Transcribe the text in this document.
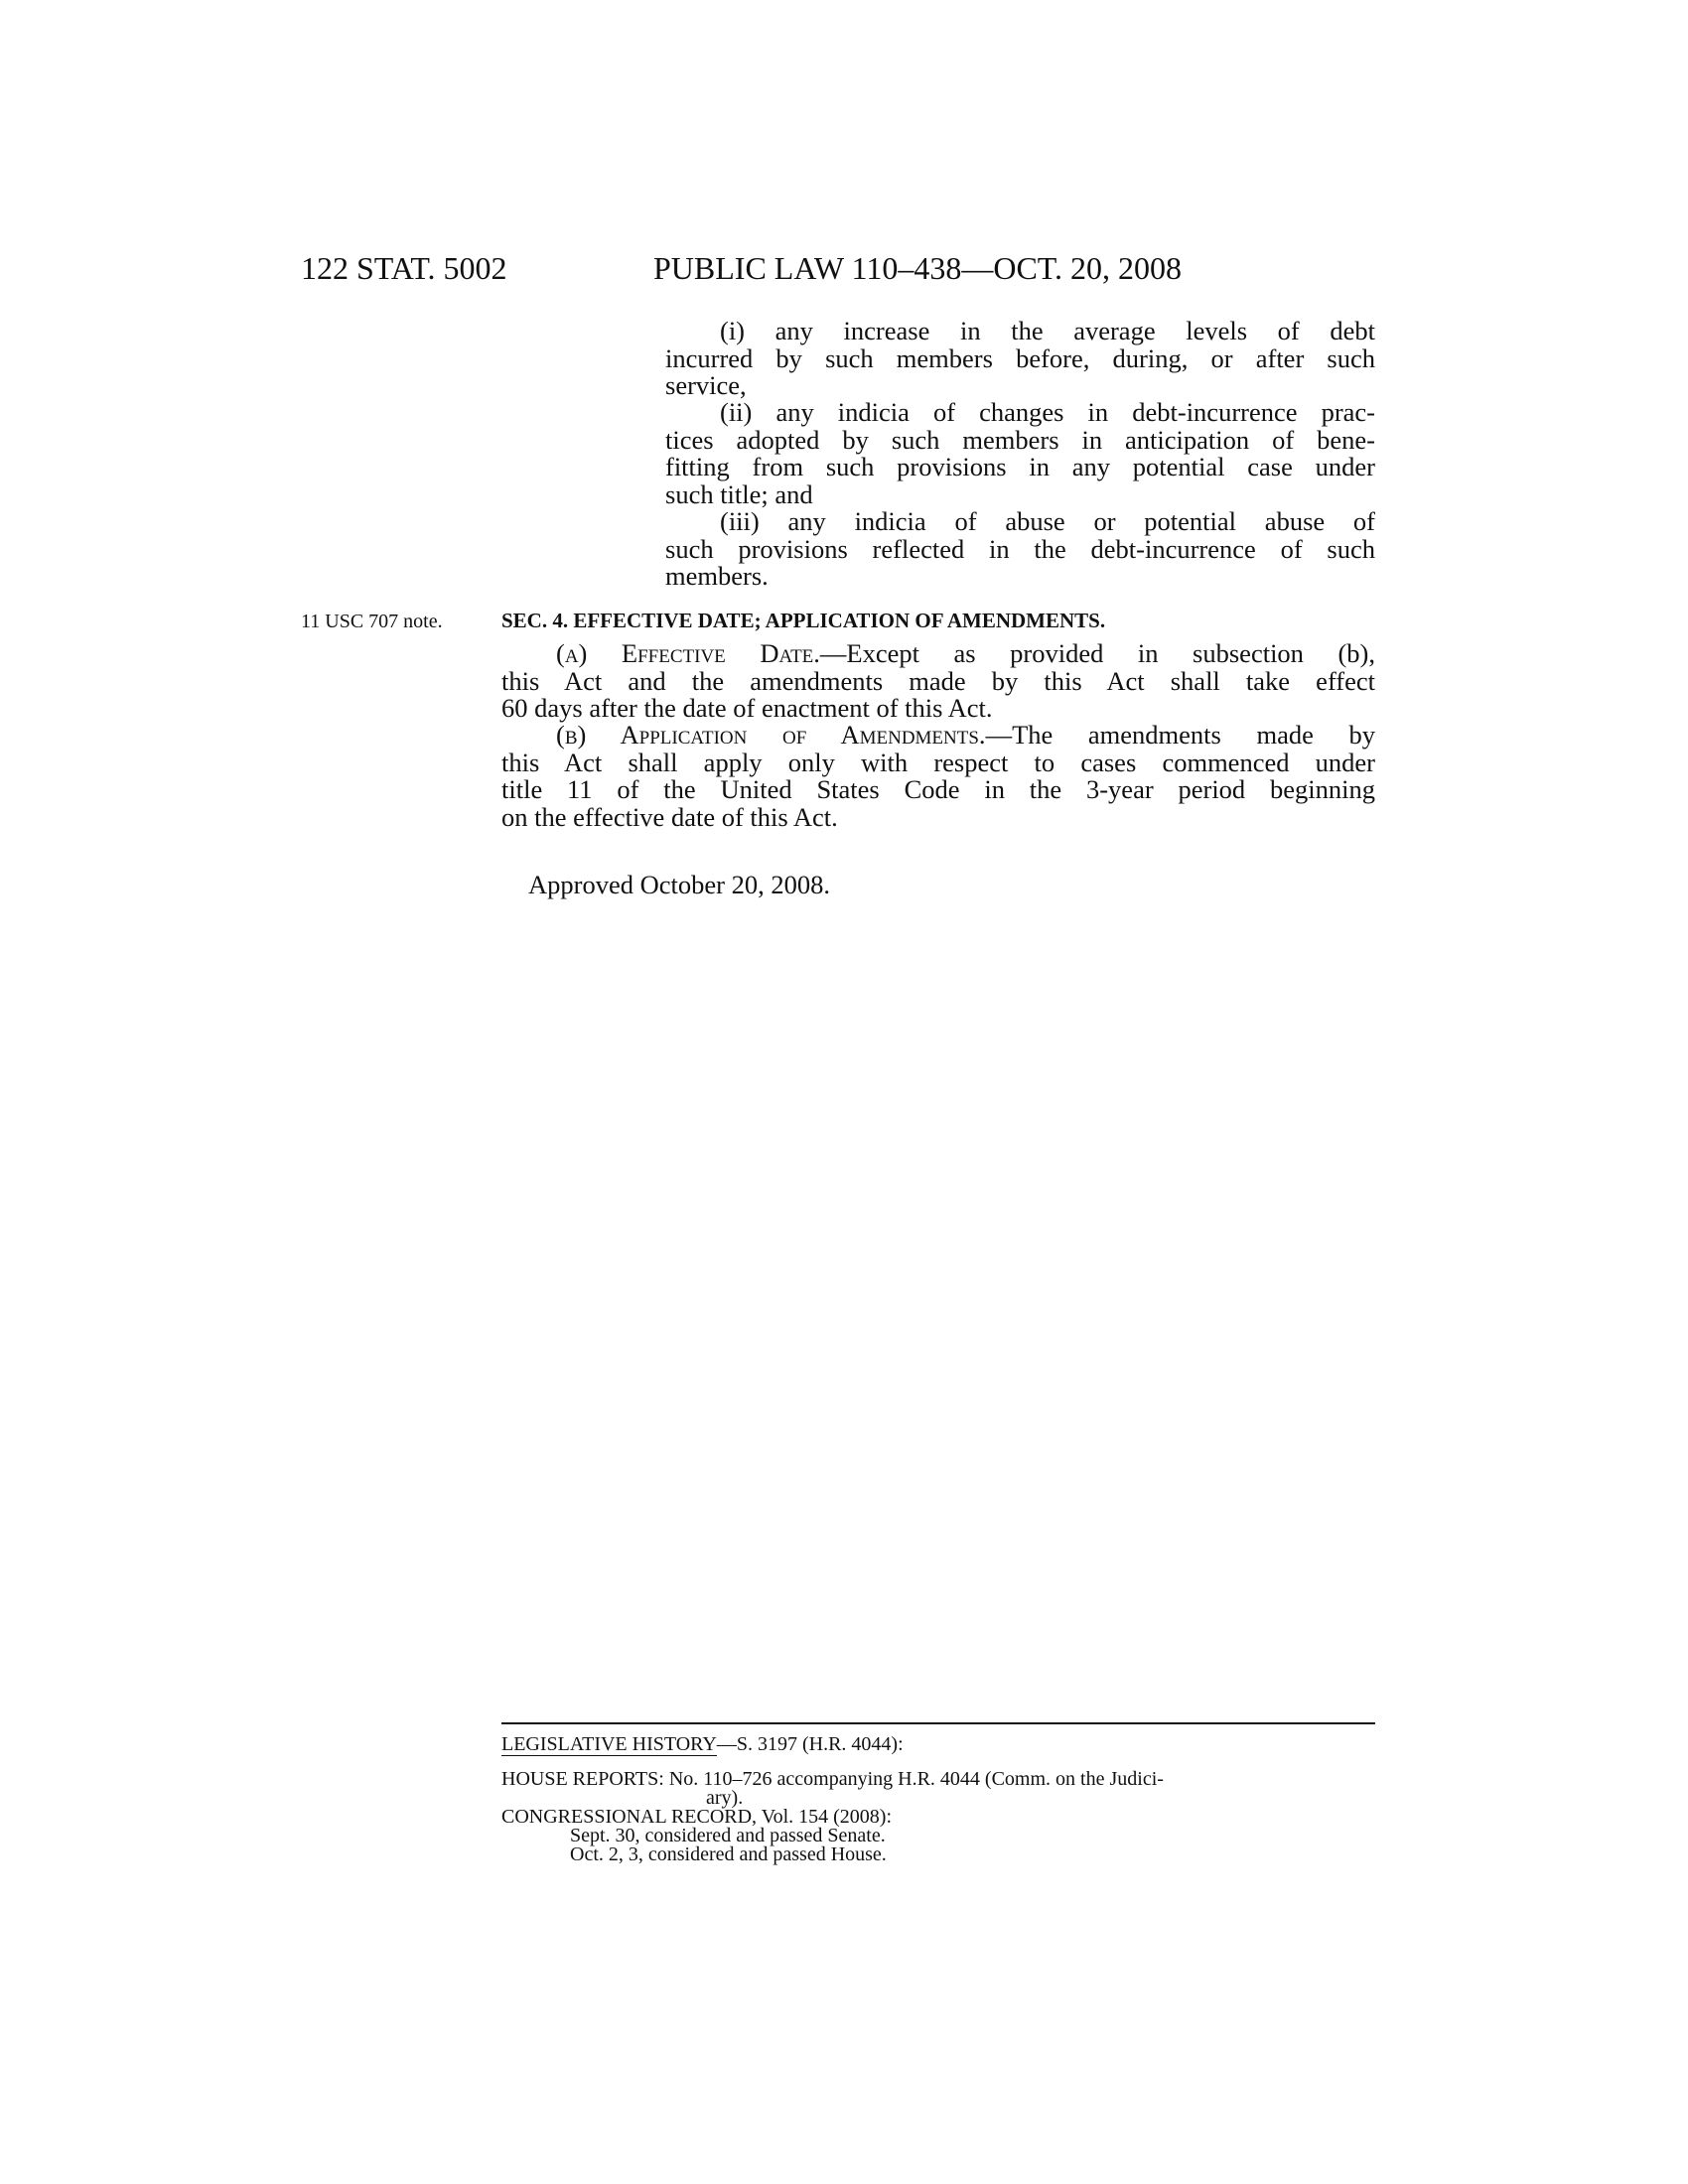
122 STAT. 5002	PUBLIC LAW 110–438—OCT. 20, 2008

(i) any increase in the average levels of debt

incurred by such members before, during, or after such

service,

(ii) any indicia of changes in debt-incurrence prac-

tices adopted by such members in anticipation of bene-

fitting from such provisions in any potential case under

such title; and

(iii) any indicia of abuse or potential abuse of

such provisions reflected in the debt-incurrence of such

members.

11 USC 707 note.	SEC. 4. EFFECTIVE DATE; APPLICATION OF AMENDMENTS.

(a) Effective Date.—Except as provided in subsection (b),

this Act and the amendments made by this Act shall take effect

60 days after the date of enactment of this Act.

(b) Application of Amendments.—The amendments made by

this Act shall apply only with respect to cases commenced under

title 11 of the United States Code in the 3-year period beginning

on the effective date of this Act.

Approved October 20, 2008.
LEGISLATIVE HISTORY—S. 3197 (H.R. 4044):
HOUSE REPORTS: No. 110–726 accompanying H.R. 4044 (Comm. on the Judici-
ary).
CONGRESSIONAL RECORD, Vol. 154 (2008):
Sept. 30, considered and passed Senate.
Oct. 2, 3, considered and passed House.
